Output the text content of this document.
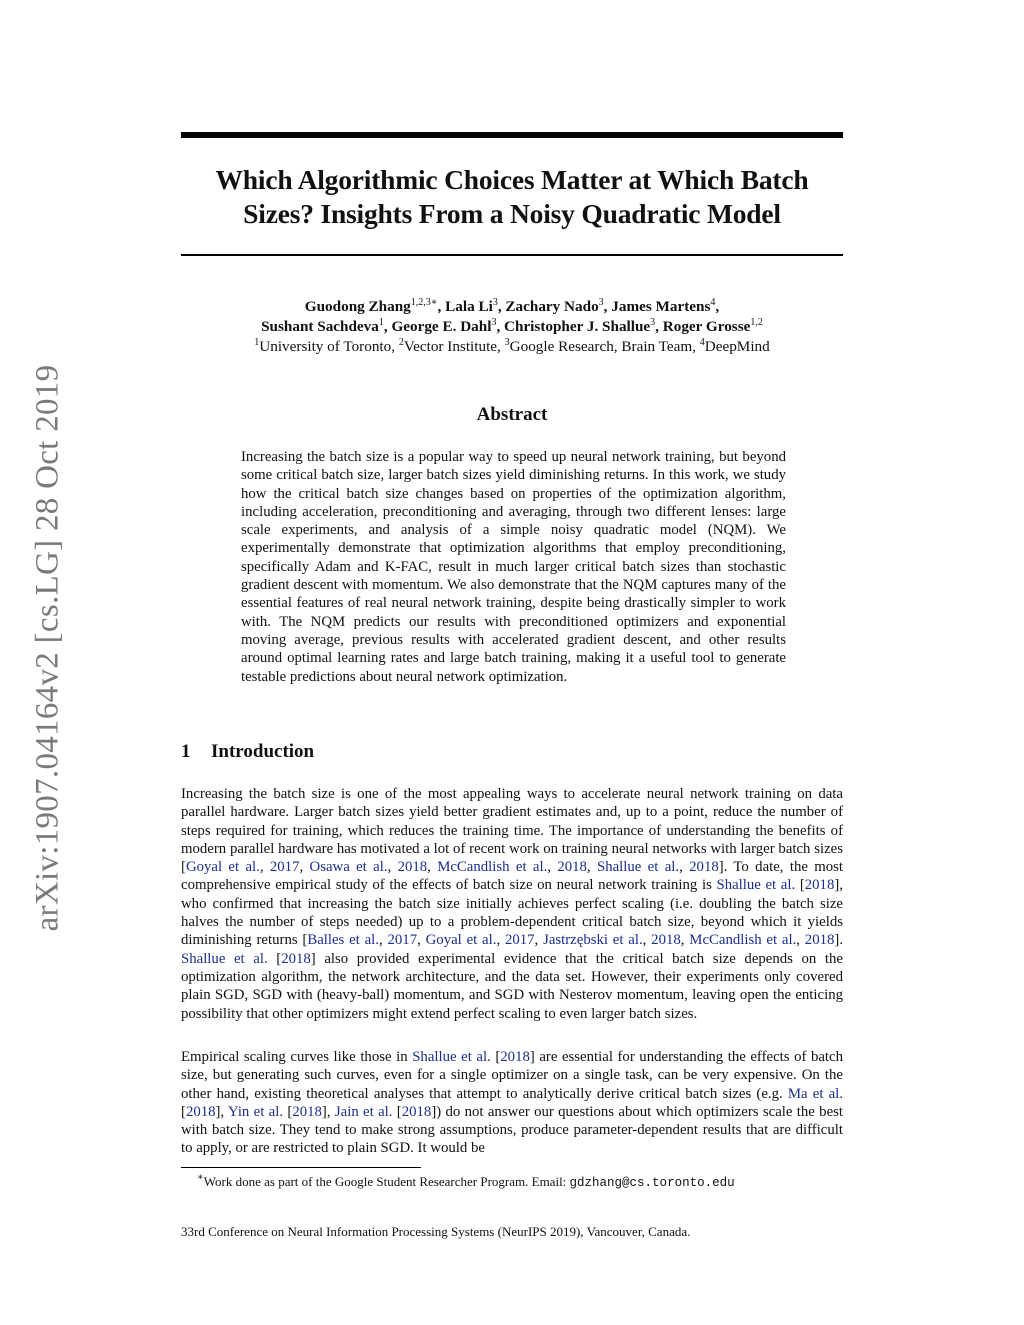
arXiv:1907.04164v2 [cs.LG] 28 Oct 2019
Which Algorithmic Choices Matter at Which Batch
Sizes? Insights From a Noisy Quadratic Model
Guodong Zhang$^{1,2,3∗}$, Lala Li$^3$, Zachary Nado$^3$, James Martens$^4$,
Sushant Sachdeva$^1$, George E. Dahl$^3$, Christopher J. Shallue$^3$, Roger Grosse$^{1,2}$
$^1$University of Toronto, $^2$Vector Institute, $^3$Google Research, Brain Team, $^4$DeepMind
Abstract

Increasing the batch size is a popular way to speed up neural network training, but beyond some critical batch size, larger batch sizes yield diminishing returns. In this work, we study how the critical batch size changes based on properties of the optimization algorithm, including acceleration, preconditioning and averaging, through two different lenses: large scale experiments, and analysis of a simple noisy quadratic model (NQM). We experimentally demonstrate that optimization algorithms that employ preconditioning, specifically Adam and K-FAC, result in much larger critical batch sizes than stochastic gradient descent with momentum. We also demonstrate that the NQM captures many of the essential features of real neural network training, despite being drastically simpler to work with. The NQM predicts our results with preconditioned optimizers and exponential moving average, previous results with accelerated gradient descent, and other results around optimal learning rates and large batch training, making it a useful tool to generate testable predictions about neural network optimization.

1 Introduction

Increasing the batch size is one of the most appealing ways to accelerate neural network training on data parallel hardware. Larger batch sizes yield better gradient estimates and, up to a point, reduce the number of steps required for training, which reduces the training time. The importance of understanding the benefits of modern parallel hardware has motivated a lot of recent work on training neural networks with larger batch sizes [Goyal et al., 2017, Osawa et al., 2018, McCandlish et al., 2018, Shallue et al., 2018]. To date, the most comprehensive empirical study of the effects of batch size on neural network training is Shallue et al. [2018], who confirmed that increasing the batch size initially achieves perfect scaling (i.e. doubling the batch size halves the number of steps needed) up to a problem-dependent critical batch size, beyond which it yields diminishing returns [Balles et al., 2017, Goyal et al., 2017, Jastrzębski et al., 2018, McCandlish et al., 2018]. Shallue et al. [2018] also provided experimental evidence that the critical batch size depends on the optimization algorithm, the network architecture, and the data set. However, their experiments only covered plain SGD, SGD with (heavy-ball) momentum, and SGD with Nesterov momentum, leaving open the enticing possibility that other optimizers might extend perfect scaling to even larger batch sizes.

Empirical scaling curves like those in Shallue et al. [2018] are essential for understanding the effects of batch size, but generating such curves, even for a single optimizer on a single task, can be very expensive. On the other hand, existing theoretical analyses that attempt to analytically derive critical batch sizes (e.g. Ma et al. [2018], Yin et al. [2018], Jain et al. [2018]) do not answer our questions about which optimizers scale the best with batch size. They tend to make strong assumptions, produce parameter-dependent results that are difficult to apply, or are restricted to plain SGD. It would be

∗Work done as part of the Google Student Researcher Program. Email: gdzhang@cs.toronto.edu

33rd Conference on Neural Information Processing Systems (NeurIPS 2019), Vancouver, Canada.
